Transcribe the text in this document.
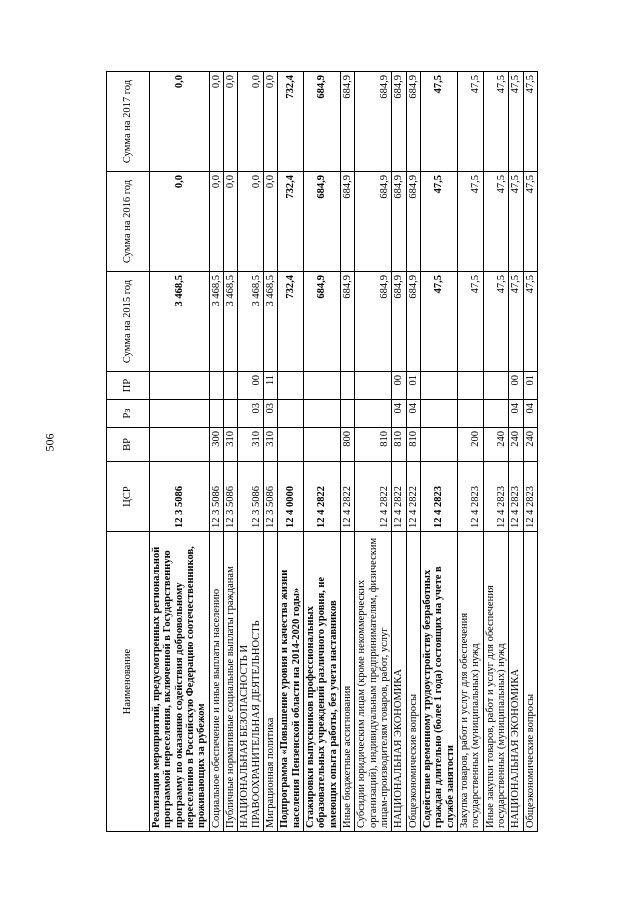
506
Наименование	ЦСР	ВР	Рз	ПР	Сумма на 2015 год	Сумма на 2016 год	Сумма на 2017 год
Реализация мероприятий, предусмотренных региональной программой переселения, включенной в Государственную программу по оказанию содействия добровольному переселению в Российскую Федерацию соотечественников, проживающих за рубежом	12 3 5086				3 468,5	0,0	0,0
Социальное обеспечение и иные выплаты населению	12 3 5086	300			3 468,5	0,0	0,0
Публичные нормативные социальные выплаты гражданам	12 3 5086	310			3 468,5	0,0	0,0
НАЦИОНАЛЬНАЯ БЕЗОПАСНОСТЬ И ПРАВООХРАНИТЕЛЬНАЯ ДЕЯТЕЛЬНОСТЬ	12 3 5086	310	03	00	3 468,5	0,0	0,0
Миграционная политика	12 3 5086	310	03	11	3 468,5	0,0	0,0
Подпрограмма «Повышение уровня и качества жизни населения Пензенской области на 2014-2020 годы»	12 4 0000				732,4	732,4	732,4
Стажировки выпускников профессиональных образовательных учреждений различного уровня, не имеющих опыта работы, без учета наставников	12 4 2822				684,9	684,9	684,9
Иные бюджетные ассигнования	12 4 2822	800			684,9	684,9	684,9
Субсидии юридическим лицам (кроме некоммерческих организаций), индивидуальным предпринимателям, физическим лицам-производителям товаров, работ, услуг	12 4 2822	810			684,9	684,9	684,9
НАЦИОНАЛЬНАЯ ЭКОНОМИКА	12 4 2822	810	04	00	684,9	684,9	684,9
Общеэкономические вопросы	12 4 2822	810	04	01	684,9	684,9	684,9
Содействие временному трудоустройству безработных граждан длительно (более 1 года) состоящих на учете в службе занятости	12 4 2823				47,5	47,5	47,5
Закупка товаров, работ и услуг для обеспечения государственных (муниципальных) нужд	12 4 2823	200			47,5	47,5	47,5
Иные закупки товаров, работ и услуг для обеспечения государственных (муниципальных) нужд	12 4 2823	240			47,5	47,5	47,5
НАЦИОНАЛЬНАЯ ЭКОНОМИКА	12 4 2823	240	04	00	47,5	47,5	47,5
Общеэкономические вопросы	12 4 2823	240	04	01	47,5	47,5	47,5
